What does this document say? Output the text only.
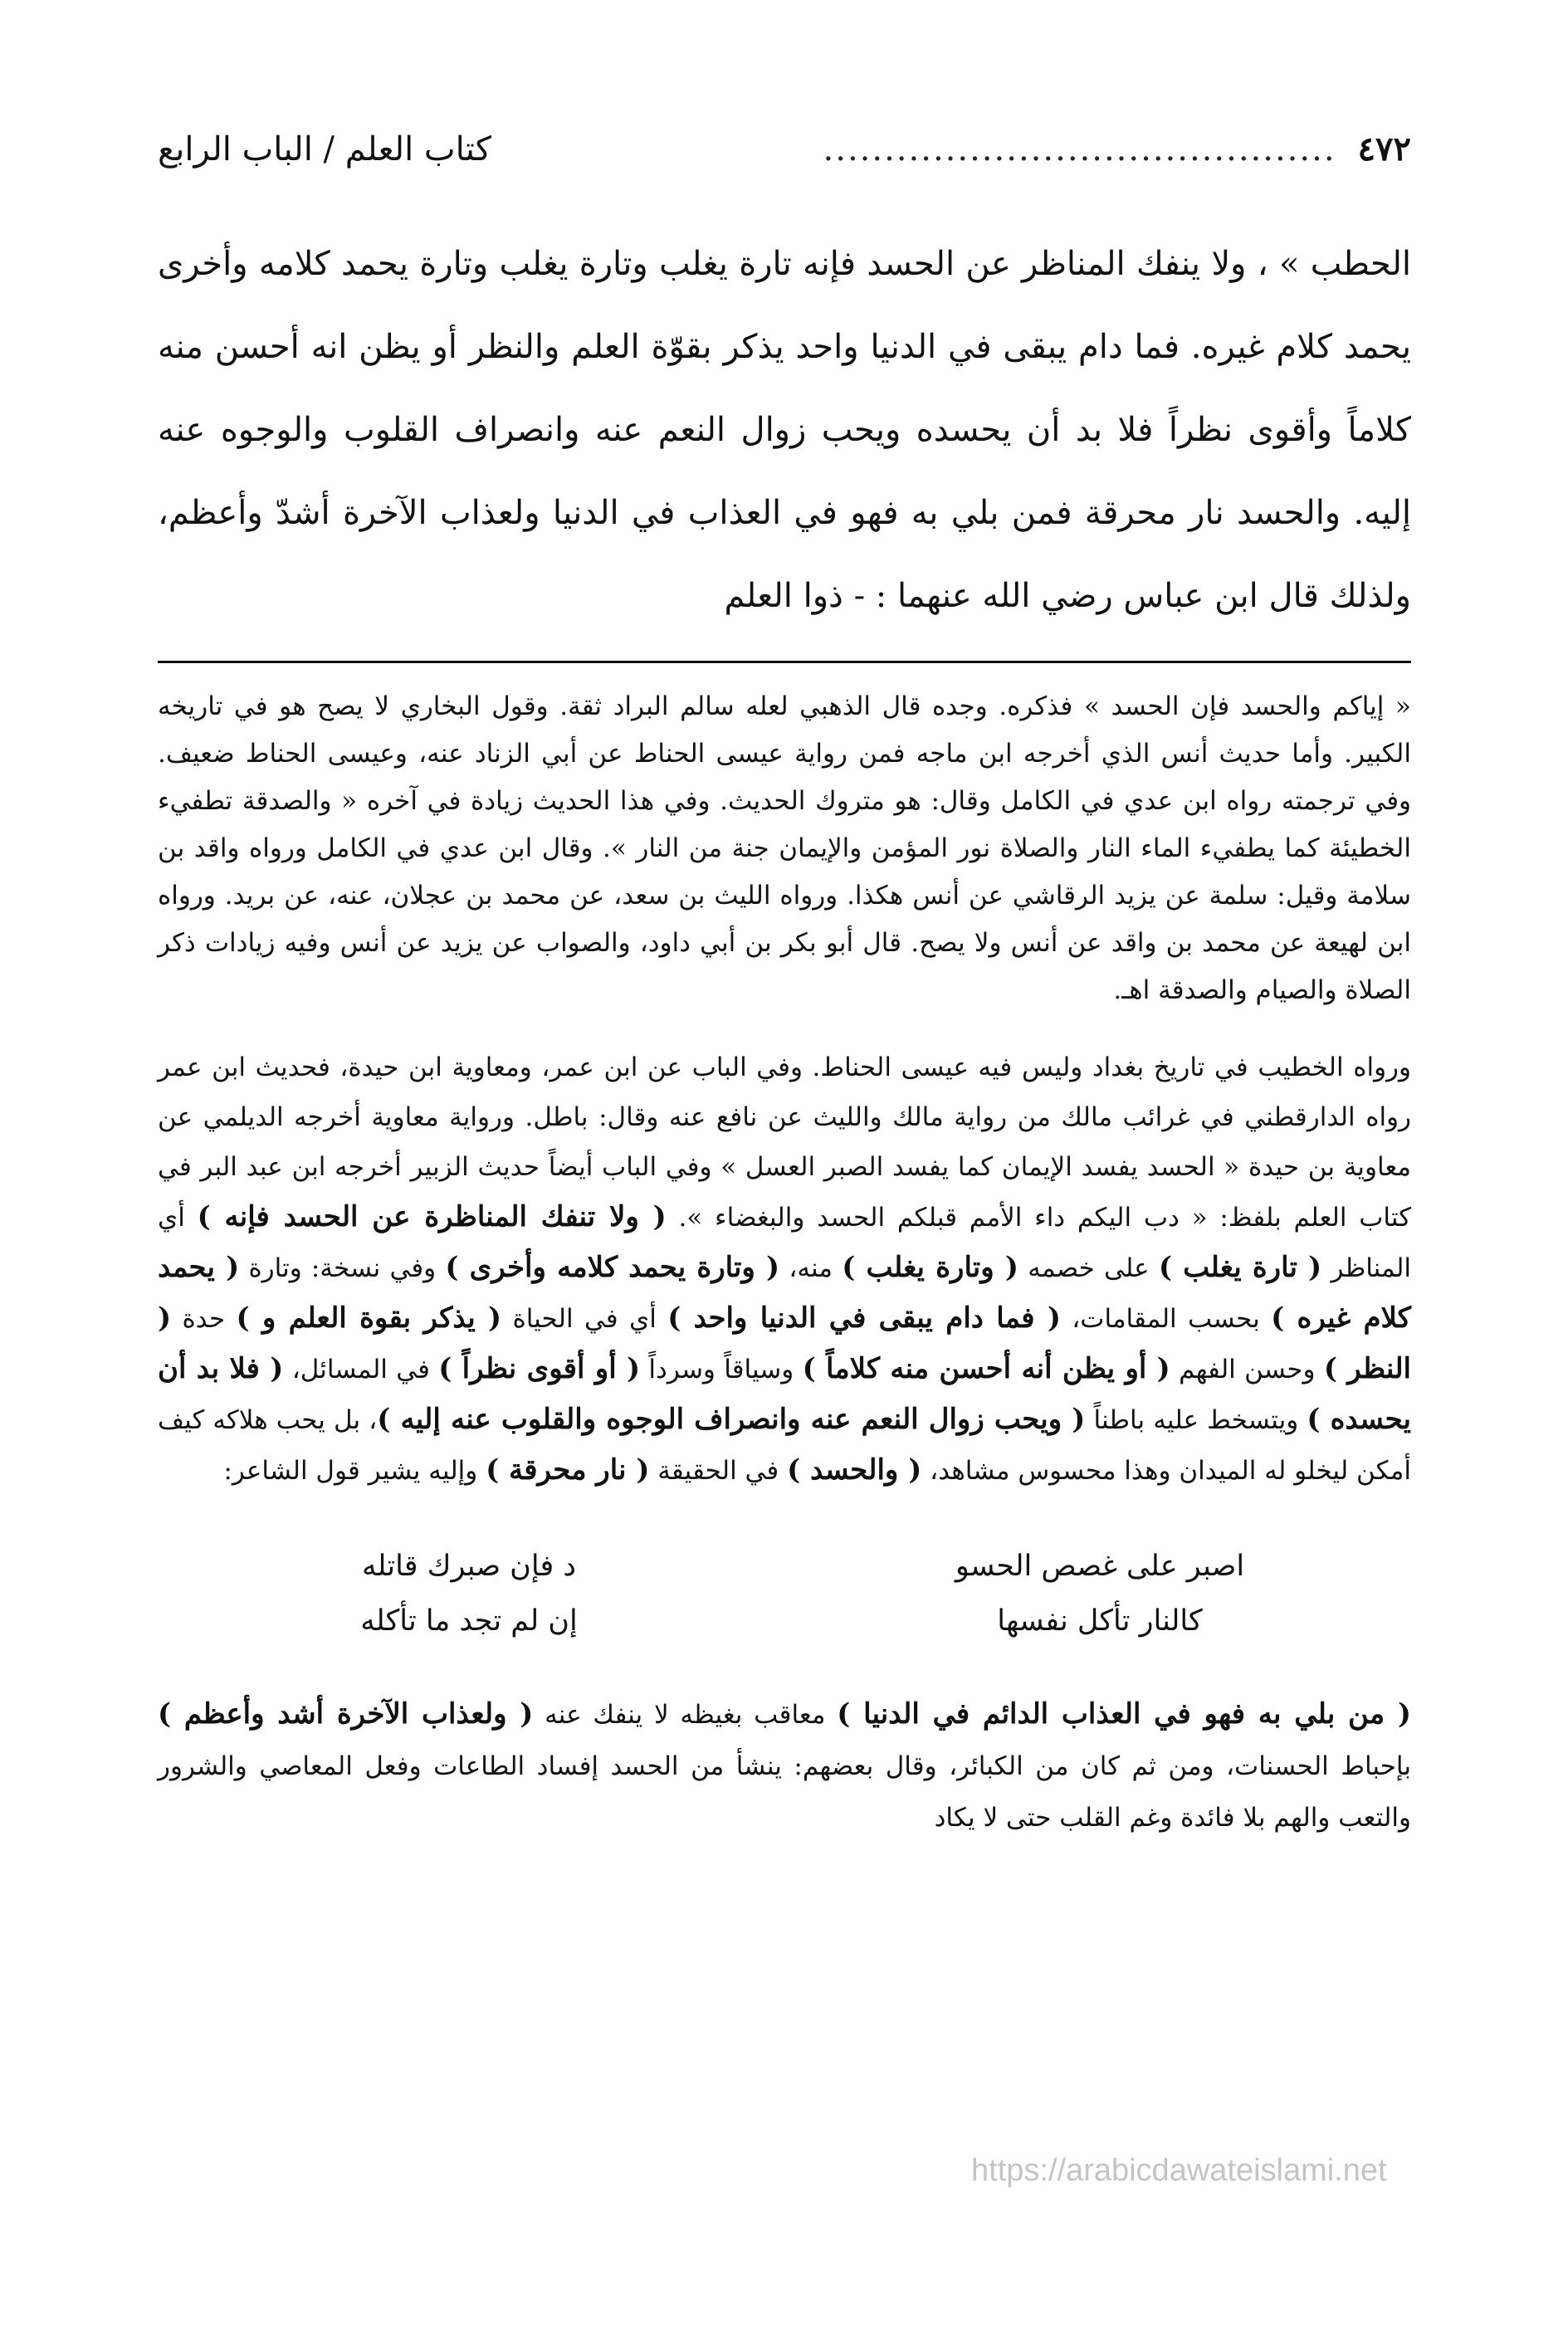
٤٧٢
..........................................
كتاب العلم / الباب الرابع

الحطب » ، ولا ينفك المناظر عن الحسد فإنه تارة يغلب وتارة يغلب وتارة يحمد كلامه وأخرى يحمد كلام غيره. فما دام يبقى في الدنيا واحد يذكر بقوّة العلم والنظر أو يظن انه أحسن منه كلاماً وأقوى نظراً فلا بد أن يحسده ويحب زوال النعم عنه وانصراف القلوب والوجوه عنه إليه. والحسد نار محرقة فمن بلي به فهو في العذاب في الدنيا ولعذاب الآخرة أشدّ وأعظم، ولذلك قال ابن عباس رضي الله عنهما : - ذوا العلم

« إياكم والحسد فإن الحسد » فذكره. وجده قال الذهبي لعله سالم البراد ثقة. وقول البخاري لا يصح هو في تاريخه الكبير. وأما حديث أنس الذي أخرجه ابن ماجه فمن رواية عيسى الحناط عن أبي الزناد عنه، وعيسى الحناط ضعيف. وفي ترجمته رواه ابن عدي في الكامل وقال: هو متروك الحديث. وفي هذا الحديث زيادة في آخره « والصدقة تطفيء الخطيئة كما يطفيء الماء النار والصلاة نور المؤمن والإيمان جنة من النار ». وقال ابن عدي في الكامل ورواه واقد بن سلامة وقيل: سلمة عن يزيد الرقاشي عن أنس هكذا. ورواه الليث بن سعد، عن محمد بن عجلان، عنه، عن بريد. ورواه ابن لهيعة عن محمد بن واقد عن أنس ولا يصح. قال أبو بكر بن أبي داود، والصواب عن يزيد عن أنس وفيه زيادات ذكر الصلاة والصيام والصدقة اهـ.

ورواه الخطيب في تاريخ بغداد وليس فيه عيسى الحناط. وفي الباب عن ابن عمر، ومعاوية ابن حيدة، فحديث ابن عمر رواه الدارقطني في غرائب مالك من رواية مالك والليث عن نافع عنه وقال: باطل. ورواية معاوية أخرجه الديلمي عن معاوية بن حيدة « الحسد يفسد الإيمان كما يفسد الصبر العسل » وفي الباب أيضاً حديث الزبير أخرجه ابن عبد البر في كتاب العلم بلفظ: « دب اليكم داء الأمم قبلكم الحسد والبغضاء ». ( ولا تنفك المناظرة عن الحسد فإنه ) أي المناظر ( تارة يغلب ) على خصمه ( وتارة يغلب ) منه، ( وتارة يحمد كلامه وأخرى ) وفي نسخة: وتارة ( يحمد كلام غيره ) بحسب المقامات، ( فما دام يبقى في الدنيا واحد ) أي في الحياة ( يذكر بقوة العلم و ) حدة ( النظر ) وحسن الفهم ( أو يظن أنه أحسن منه كلاماً ) وسياقاً وسرداً ( أو أقوى نظراً ) في المسائل، ( فلا بد أن يحسده ) ويتسخط عليه باطناً ( ويحب زوال النعم عنه وانصراف الوجوه والقلوب عنه إليه )، بل يحب هلاكه كيف أمكن ليخلو له الميدان وهذا محسوس مشاهد، ( والحسد ) في الحقيقة ( نار محرقة ) وإليه يشير قول الشاعر:

اصبر على غصص الحسو
د فإن صبرك قاتله
كالنار تأكل نفسها
إن لم تجد ما تأكله

( من بلي به فهو في العذاب الدائم في الدنيا ) معاقب بغيظه لا ينفك عنه ( ولعذاب الآخرة أشد وأعظم ) بإحباط الحسنات، ومن ثم كان من الكبائر، وقال بعضهم: ينشأ من الحسد إفساد الطاعات وفعل المعاصي والشرور والتعب والهم بلا فائدة وغم القلب حتى لا يكاد

https://arabicdawateislami.net
